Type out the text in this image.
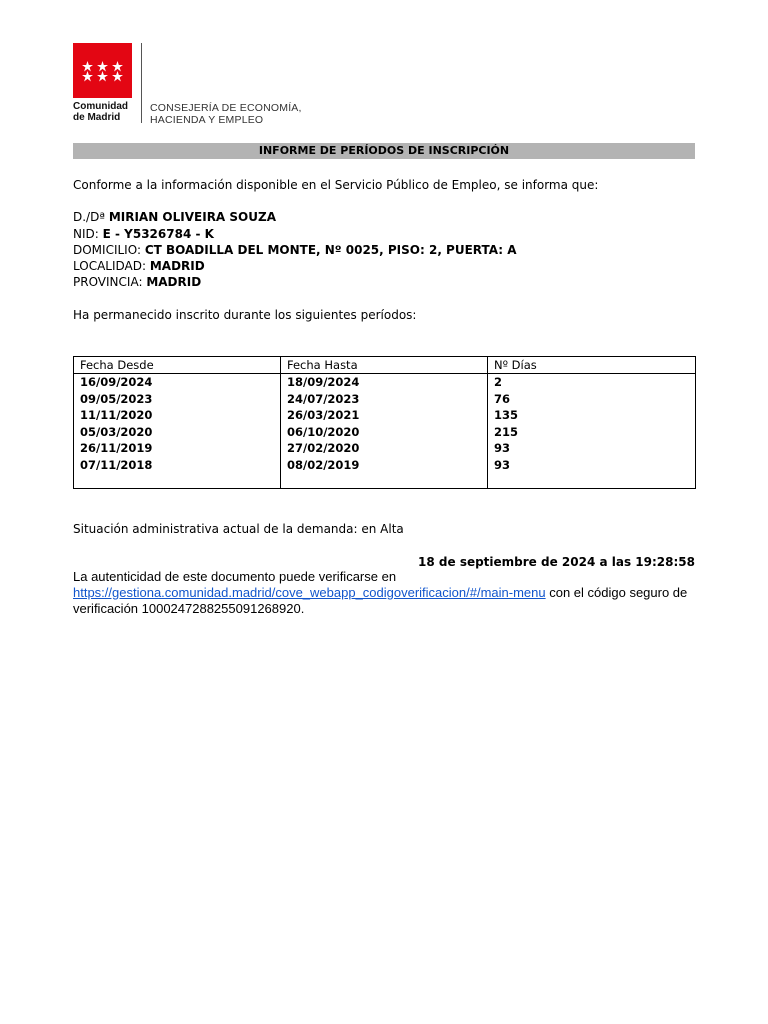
Comunidad
de Madrid
CONSEJERÍA DE ECONOMÍA,
HACIENDA Y EMPLEO
INFORME DE PERÍODOS DE INSCRIPCIÓN
Conforme a la información disponible en el Servicio Público de Empleo, se informa que:
D./Dª MIRIAN OLIVEIRA SOUZA
NID: E - Y5326784 - K
DOMICILIO: CT BOADILLA DEL MONTE, Nº 0025, PISO: 2, PUERTA: A
LOCALIDAD: MADRID
PROVINCIA: MADRID
Ha permanecido inscrito durante los siguientes períodos:
Fecha Desde	Fecha Hasta	Nº Días
16/09/2024	18/09/2024	2
09/05/2023	24/07/2023	76
11/11/2020	26/03/2021	135
05/03/2020	06/10/2020	215
26/11/2019	27/02/2020	93
07/11/2018	08/02/2019	93

Situación administrativa actual de la demanda: en Alta
18 de septiembre de 2024 a las 19:28:58
La autenticidad de este documento puede verificarse en https://gestiona.comunidad.madrid/cove_webapp_codigoverificacion/#/main-menu con el código seguro de verificación 1000247288255091268920.
